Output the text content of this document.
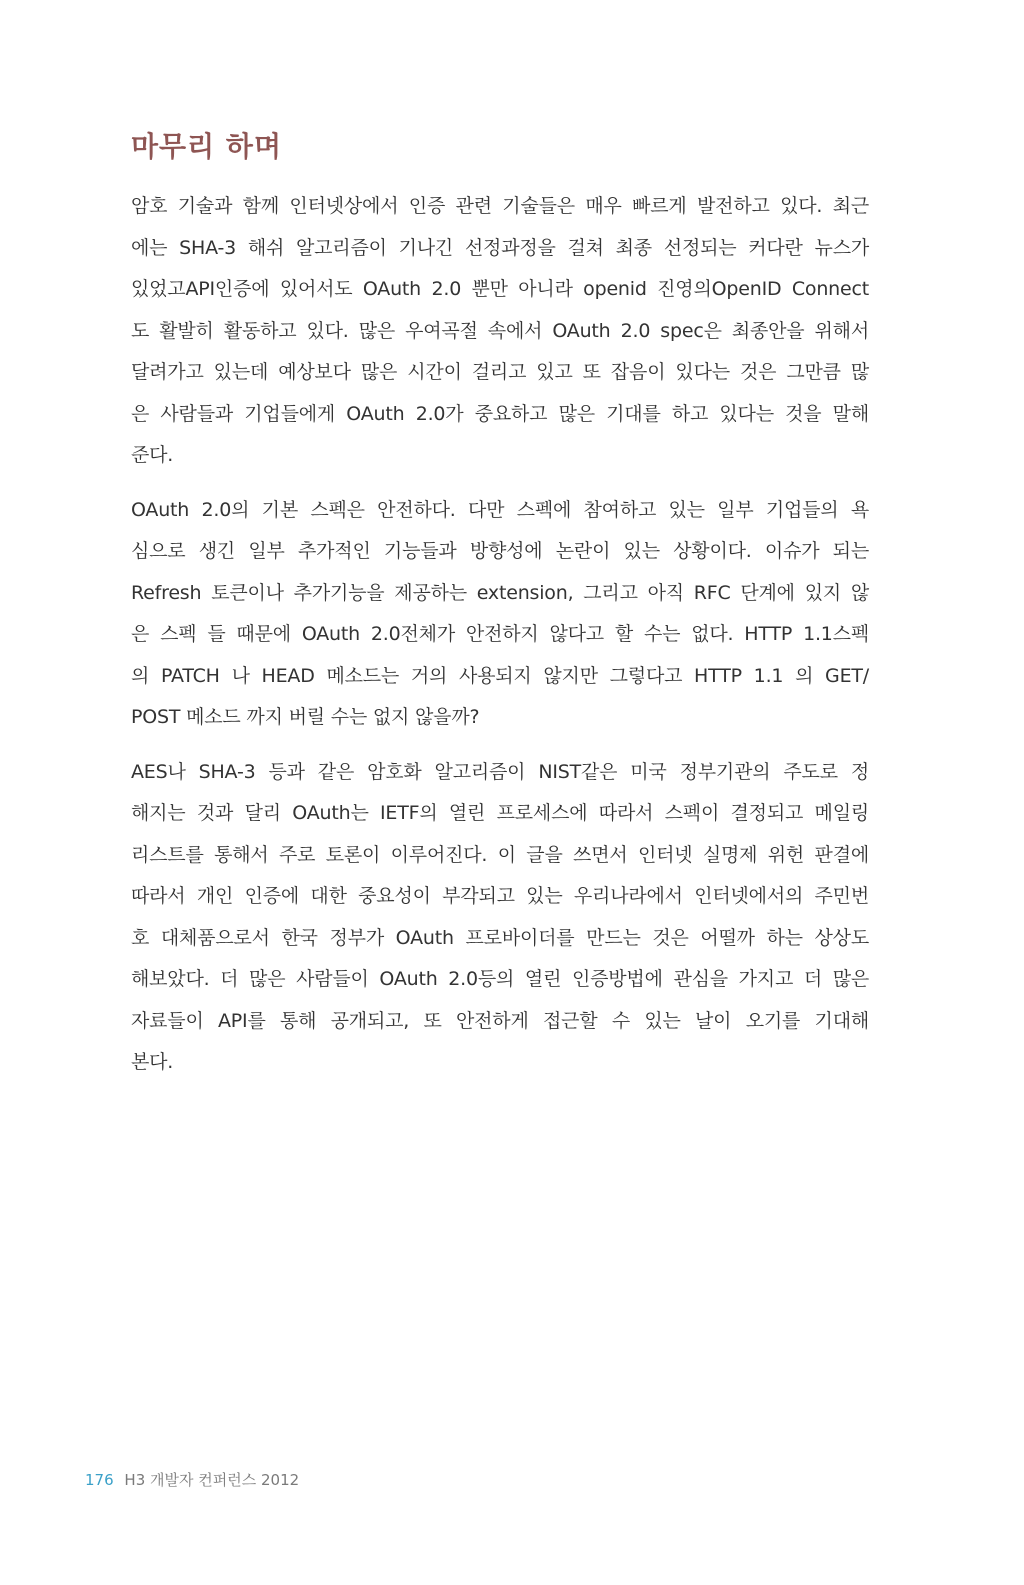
마무리 하며

암호 기술과 함께 인터넷상에서 인증 관련 기술들은 매우 빠르게 발전하고 있다. 최근
에는 SHA-3 해쉬 알고리즘이 기나긴 선정과정을 걸쳐 최종 선정되는 커다란 뉴스가
있었고API인증에 있어서도 OAuth 2.0 뿐만 아니라 openid 진영의OpenID Connect
도 활발히 활동하고 있다. 많은 우여곡절 속에서 OAuth 2.0 spec은 최종안을 위해서
달려가고 있는데 예상보다 많은 시간이 걸리고 있고 또 잡음이 있다는 것은 그만큼 많
은 사람들과 기업들에게 OAuth 2.0가 중요하고 많은 기대를 하고 있다는 것을 말해
준다.

OAuth 2.0의 기본 스펙은 안전하다. 다만 스펙에 참여하고 있는 일부 기업들의 욕
심으로 생긴 일부 추가적인 기능들과 방향성에 논란이 있는 상황이다. 이슈가 되는
Refresh 토큰이나 추가기능을 제공하는 extension, 그리고 아직 RFC 단계에 있지 않
은 스펙 들 때문에 OAuth 2.0전체가 안전하지 않다고 할 수는 없다. HTTP 1.1스펙
의 PATCH 나 HEAD 메소드는 거의 사용되지 않지만 그렇다고 HTTP 1.1 의 GET/
POST 메소드 까지 버릴 수는 없지 않을까?

AES나 SHA-3 등과 같은 암호화 알고리즘이 NIST같은 미국 정부기관의 주도로 정
해지는 것과 달리 OAuth는 IETF의 열린 프로세스에 따라서 스펙이 결정되고 메일링
리스트를 통해서 주로 토론이 이루어진다. 이 글을 쓰면서 인터넷 실명제 위헌 판결에
따라서 개인 인증에 대한 중요성이 부각되고 있는 우리나라에서 인터넷에서의 주민번
호 대체품으로서 한국 정부가 OAuth 프로바이더를 만드는 것은 어떨까 하는 상상도
해보았다. 더 많은 사람들이 OAuth 2.0등의 열린 인증방법에 관심을 가지고 더 많은
자료들이 API를 통해 공개되고, 또 안전하게 접근할 수 있는 날이 오기를 기대해
본다.

176 H3 개발자 컨퍼런스 2012
